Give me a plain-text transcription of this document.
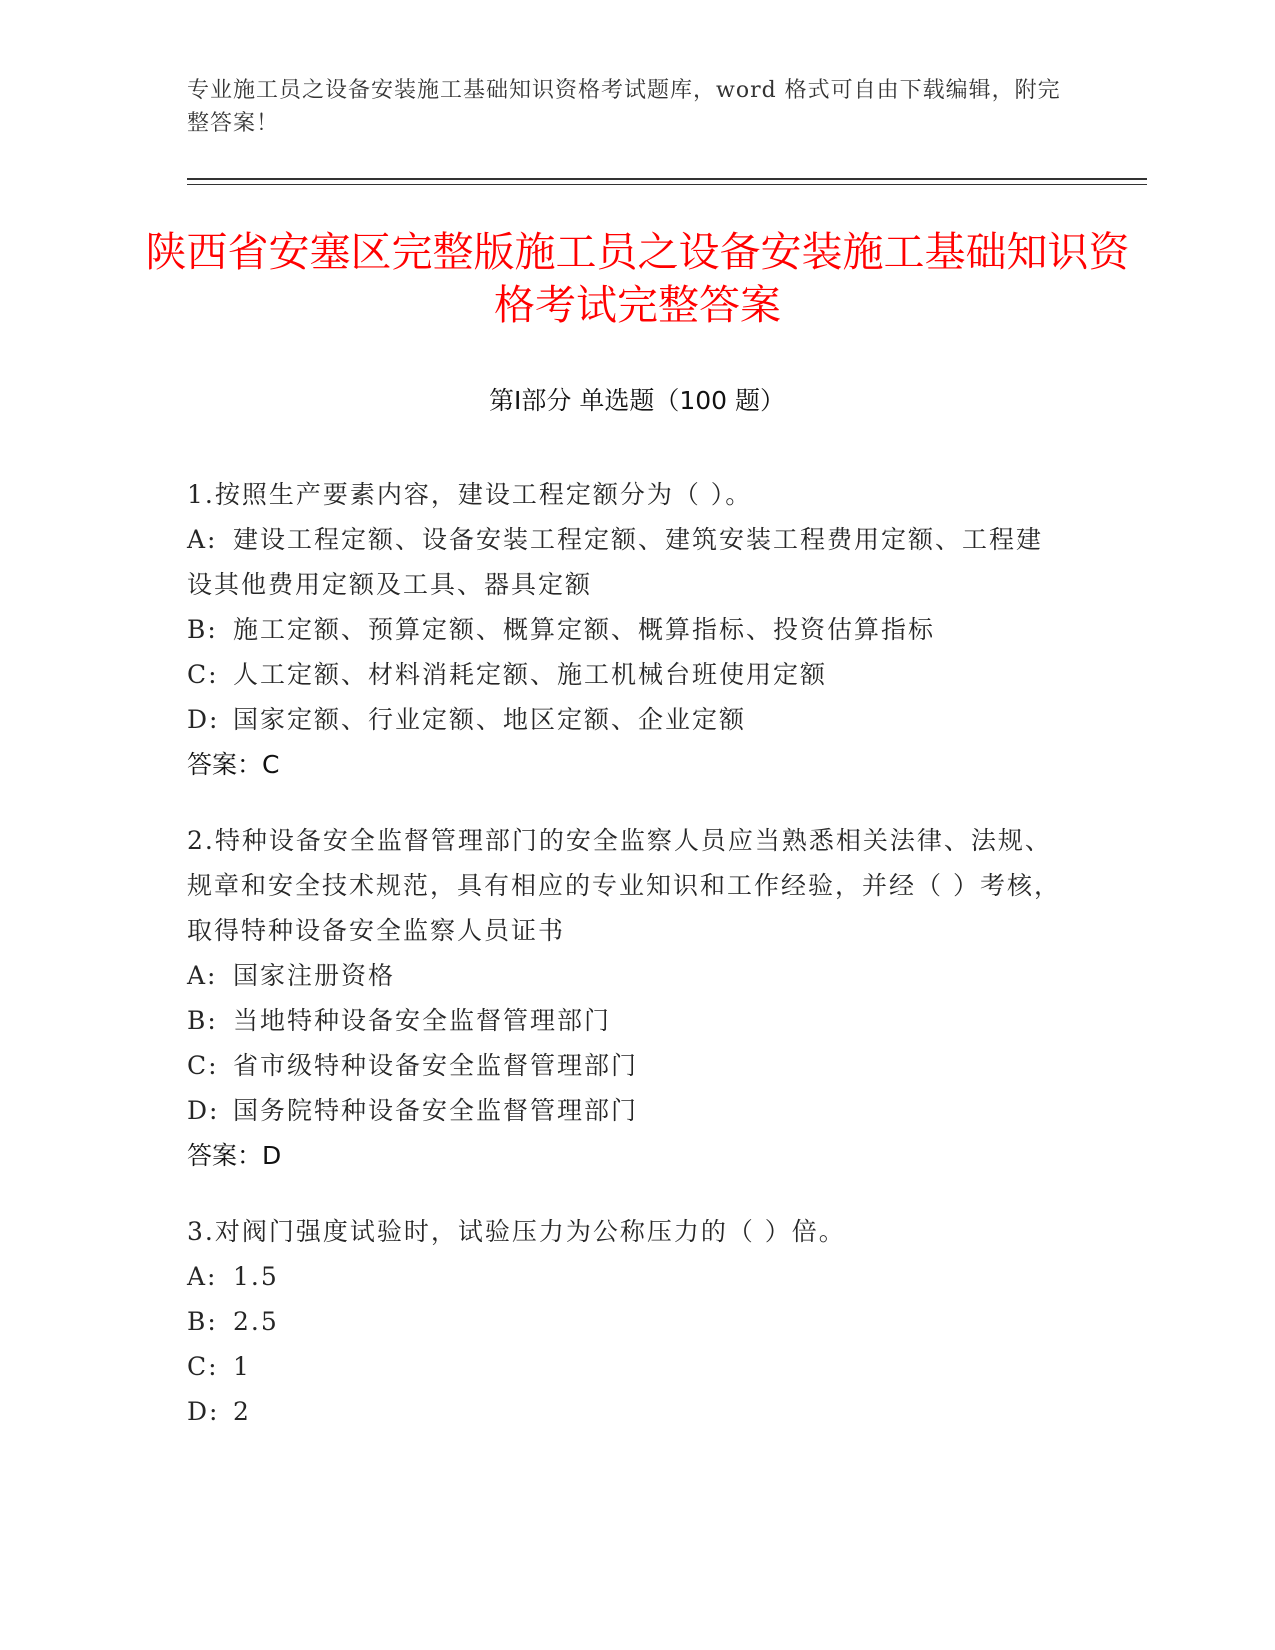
专业施工员之设备安装施工基础知识资格考试题库，word 格式可自由下载编辑，附完整答案！
陕西省安塞区完整版施工员之设备安装施工基础知识资格考试完整答案
第Ⅰ部分 单选题（100 题）
1.按照生产要素内容，建设工程定额分为（ ）。
A: 建设工程定额、设备安装工程定额、建筑安装工程费用定额、工程建设其他费用定额及工具、器具定额
B: 施工定额、预算定额、概算定额、概算指标、投资估算指标
C: 人工定额、材料消耗定额、施工机械台班使用定额
D: 国家定额、行业定额、地区定额、企业定额
答案：C
2.特种设备安全监督管理部门的安全监察人员应当熟悉相关法律、法规、规章和安全技术规范，具有相应的专业知识和工作经验，并经（ ）考核，取得特种设备安全监察人员证书
A: 国家注册资格
B: 当地特种设备安全监督管理部门
C: 省市级特种设备安全监督管理部门
D: 国务院特种设备安全监督管理部门
答案：D
3.对阀门强度试验时，试验压力为公称压力的（ ）倍。
A: 1.5
B: 2.5
C: 1
D: 2
